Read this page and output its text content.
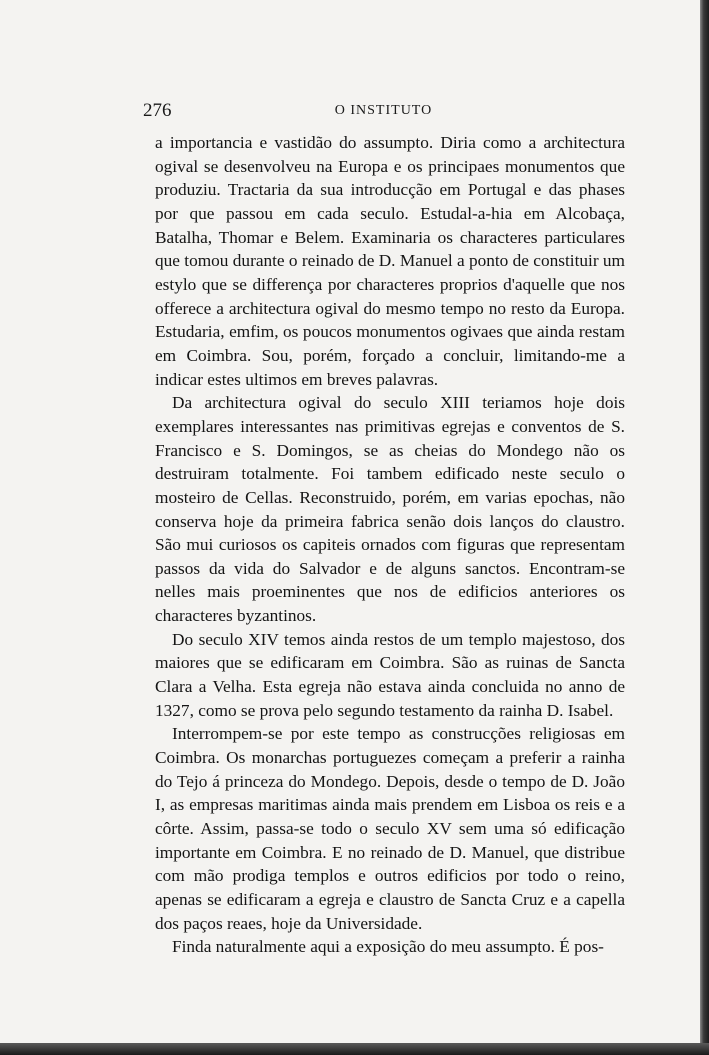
276	O INSTITUTO

a importancia e vastidão do assumpto. Diria como a architectura ogival se desenvolveu na Europa e os principaes monumentos que produziu. Tractaria da sua introducção em Portugal e das phases por que passou em cada seculo. Estudal-a-hia em Alcobaça, Batalha, Thomar e Belem. Examinaria os characteres particulares que tomou durante o reinado de D. Manuel a ponto de constituir um estylo que se differença por characteres proprios d'aquelle que nos offerece a architectura ogival do mesmo tempo no resto da Europa. Estudaria, emfim, os poucos monumentos ogivaes que ainda restam em Coimbra. Sou, porém, forçado a concluir, limitando-me a indicar estes ultimos em breves palavras.

Da architectura ogival do seculo XIII teriamos hoje dois exemplares interessantes nas primitivas egrejas e conventos de S. Francisco e S. Domingos, se as cheias do Mondego não os destruiram totalmente. Foi tambem edificado neste seculo o mosteiro de Cellas. Reconstruido, porém, em varias epochas, não conserva hoje da primeira fabrica senão dois lanços do claustro. São mui curiosos os capiteis ornados com figuras que representam passos da vida do Salvador e de alguns sanctos. Encontram-se nelles mais proeminentes que nos de edificios anteriores os characteres byzantinos.

Do seculo XIV temos ainda restos de um templo majestoso, dos maiores que se edificaram em Coimbra. São as ruinas de Sancta Clara a Velha. Esta egreja não estava ainda concluida no anno de 1327, como se prova pelo segundo testamento da rainha D. Isabel.

Interrompem-se por este tempo as construcções religiosas em Coimbra. Os monarchas portuguezes começam a preferir a rainha do Tejo á princeza do Mondego. Depois, desde o tempo de D. João I, as empresas maritimas ainda mais prendem em Lisboa os reis e a côrte. Assim, passa-se todo o seculo XV sem uma só edificação importante em Coimbra. E no reinado de D. Manuel, que distribue com mão prodiga templos e outros edificios por todo o reino, apenas se edificaram a egreja e claustro de Sancta Cruz e a capella dos paços reaes, hoje da Universidade.

Finda naturalmente aqui a exposição do meu assumpto. É pos-
